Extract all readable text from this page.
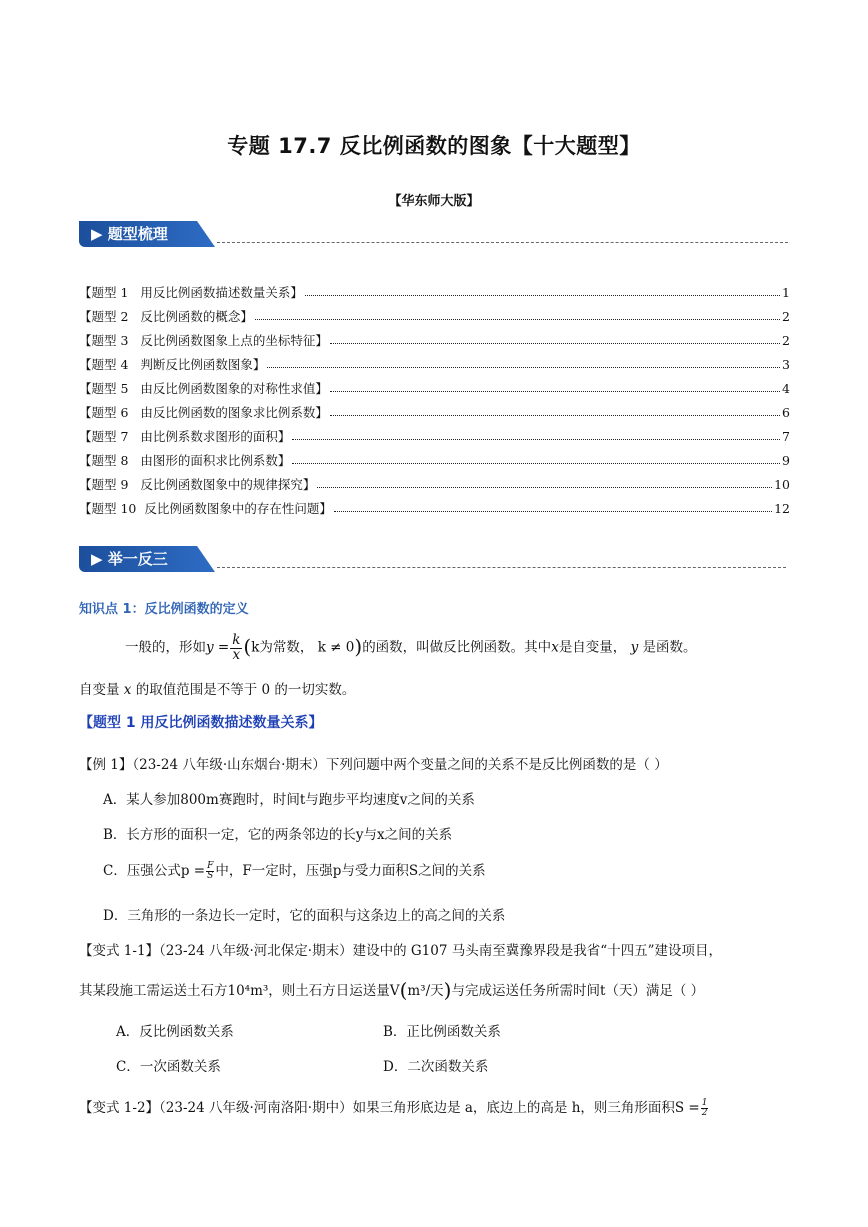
专题 17.7 反比例函数的图象【十大题型】
【华东师大版】
▶ 题型梳理
【题型 1   用反比例函数描述数量关系】	1
【题型 2   反比例函数的概念】	2
【题型 3   反比例函数图象上点的坐标特征】	2
【题型 4   判断反比例函数图象】	3
【题型 5   由反比例函数图象的对称性求值】	4
【题型 6   由反比例函数的图象求比例系数】	6
【题型 7   由比例系数求图形的面积】	7
【题型 8   由图形的面积求比例系数】	9
【题型 9   反比例函数图象中的规律探究】	10
【题型 10  反比例函数图象中的存在性问题】	12
▶ 举一反三
知识点 1：反比例函数的定义
一般的，形如$y = \frac{k}{x} (k$为常数， k ≠ 0)的函数，叫做反比例函数。其中x是自变量， y 是函数。
自变量 x 的取值范围是不等于 0 的一切实数。
【题型 1 用反比例函数描述数量关系】
【例 1】（23-24 八年级·山东烟台·期末）下列问题中两个变量之间的关系不是反比例函数的是（ ）
A．某人参加800m赛跑时，时间t与跑步平均速度v之间的关系
B．长方形的面积一定，它的两条邻边的长y与x之间的关系
C．压强公式$p = \frac{F}{S}$ 中，F一定时，压强p与受力面积S之间的关系
D．三角形的一条边长一定时，它的面积与这条边上的高之间的关系
【变式 1-1】（23-24 八年级·河北保定·期末）建设中的 G107 马头南至冀豫界段是我省“十四五”建设项目，
其某段施工需运送土石方10⁴m³，则土石方日运送量V(m³/天)与完成运送任务所需时间t（天）满足（ ）
A．反比例函数关系	B．正比例函数关系
C．一次函数关系	D．二次函数关系
【变式 1-2】（23-24 八年级·河南洛阳·期中）如果三角形底边是 a，底边上的高是 h，则三角形面积$S = \frac{1}{2}$
